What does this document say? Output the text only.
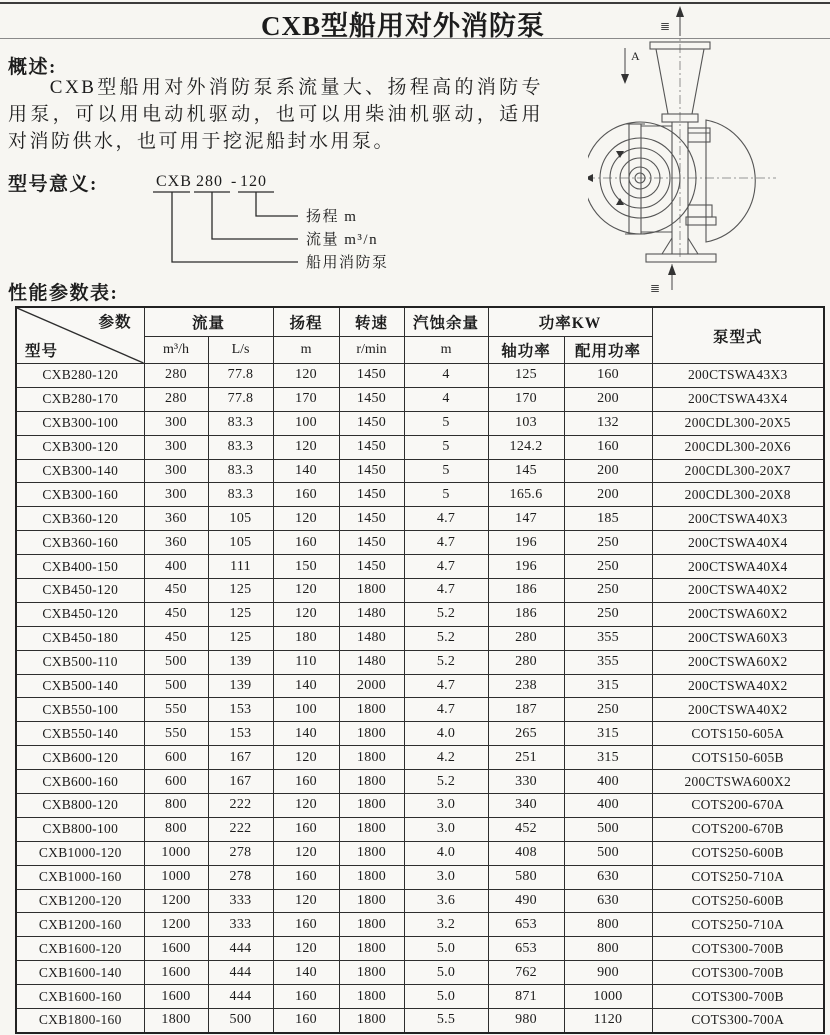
CXB型船用对外消防泵	≣
A
≣
概述:

CXB型船用对外消防泵系流量大、扬程高的消防专用泵，可以用电动机驱动，也可以用柴油机驱动，适用对消防供水，也可用于挖泥船封水用泵。

型号意义:	CXB 280 - 120
扬程 m
流量 m³/n
船用消防泵
性能参数表:
参数
型号	流量		扬程	转速	汽蚀余量	功率KW		泵型式
	m³/h	L/s	m	r/min	m	轴功率	配用功率	
CXB280-120	280	77.8	120	1450	4	125	160	200CTSWA43X3
CXB280-170	280	77.8	170	1450	4	170	200	200CTSWA43X4
CXB300-100	300	83.3	100	1450	5	103	132	200CDL300-20X5
CXB300-120	300	83.3	120	1450	5	124.2	160	200CDL300-20X6
CXB300-140	300	83.3	140	1450	5	145	200	200CDL300-20X7
CXB300-160	300	83.3	160	1450	5	165.6	200	200CDL300-20X8
CXB360-120	360	105	120	1450	4.7	147	185	200CTSWA40X3
CXB360-160	360	105	160	1450	4.7	196	250	200CTSWA40X4
CXB400-150	400	111	150	1450	4.7	196	250	200CTSWA40X4
CXB450-120	450	125	120	1800	4.7	186	250	200CTSWA40X2
CXB450-120	450	125	120	1480	5.2	186	250	200CTSWA60X2
CXB450-180	450	125	180	1480	5.2	280	355	200CTSWA60X3
CXB500-110	500	139	110	1480	5.2	280	355	200CTSWA60X2
CXB500-140	500	139	140	2000	4.7	238	315	200CTSWA40X2
CXB550-100	550	153	100	1800	4.7	187	250	200CTSWA40X2
CXB550-140	550	153	140	1800	4.0	265	315	COTS150-605A
CXB600-120	600	167	120	1800	4.2	251	315	COTS150-605B
CXB600-160	600	167	160	1800	5.2	330	400	200CTSWA600X2
CXB800-120	800	222	120	1800	3.0	340	400	COTS200-670A
CXB800-100	800	222	160	1800	3.0	452	500	COTS200-670B
CXB1000-120	1000	278	120	1800	4.0	408	500	COTS250-600B
CXB1000-160	1000	278	160	1800	3.0	580	630	COTS250-710A
CXB1200-120	1200	333	120	1800	3.6	490	630	COTS250-600B
CXB1200-160	1200	333	160	1800	3.2	653	800	COTS250-710A
CXB1600-120	1600	444	120	1800	5.0	653	800	COTS300-700B
CXB1600-140	1600	444	140	1800	5.0	762	900	COTS300-700B
CXB1600-160	1600	444	160	1800	5.0	871	1000	COTS300-700B
CXB1800-160	1800	500	160	1800	5.5	980	1120	COTS300-700A
